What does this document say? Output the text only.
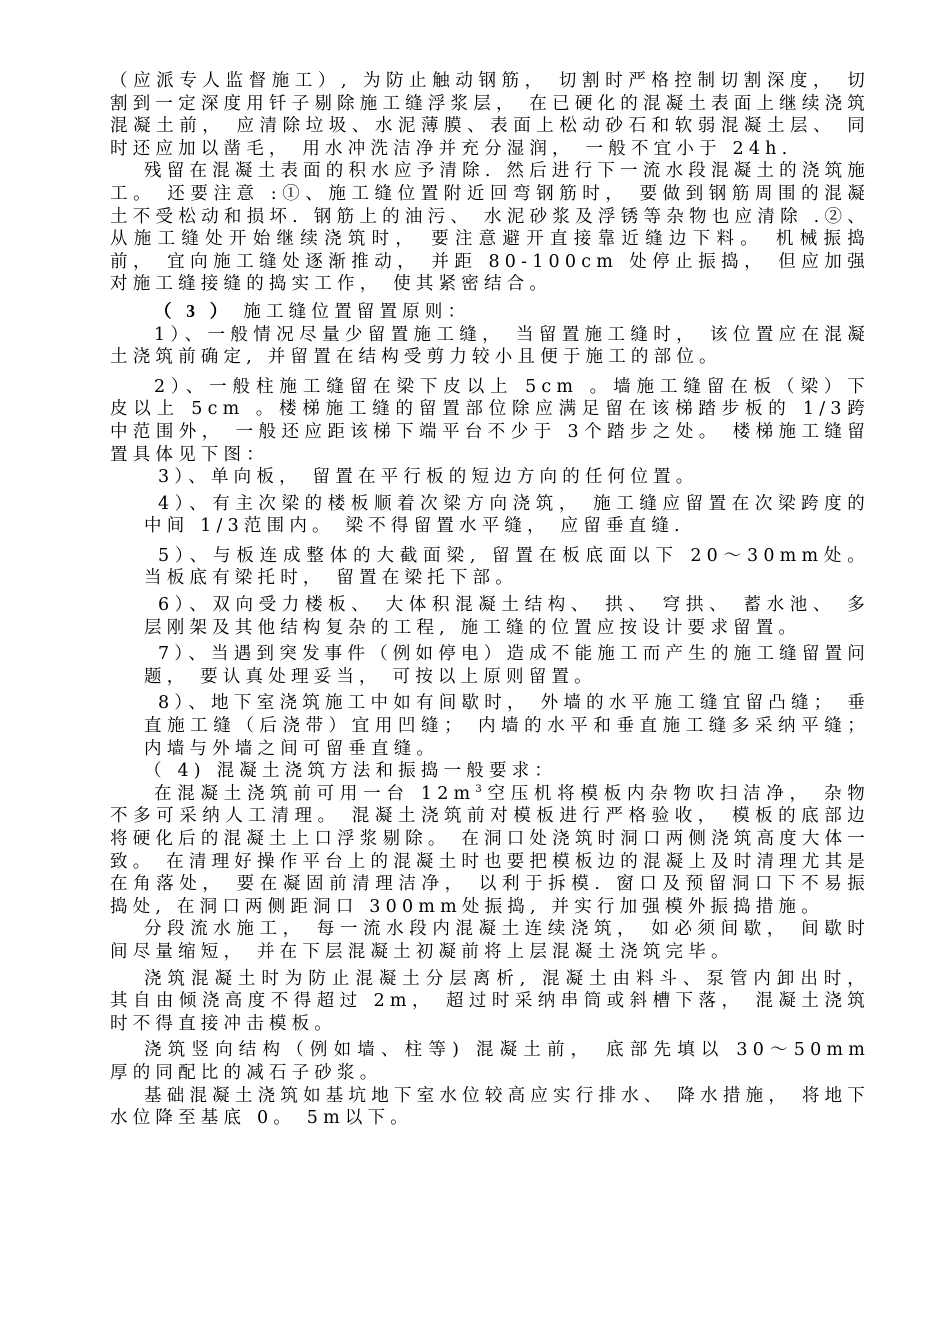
（应派专人监督施工）, 为防止触动钢筋， 切割时严格控制切割深度， 切割到一定深度用钎子剔除施工缝浮浆层， 在已硬化的混凝土表面上继续浇筑混凝土前， 应清除垃圾、水泥薄膜、表面上松动砂石和软弱混凝土层、 同时还应加以凿毛， 用水冲洗洁净并充分湿润， 一般不宜小于 24h.

残留在混凝土表面的积水应予清除. 然后进行下一流水段混凝土的浇筑施工。 还要注意 :①、施工缝位置附近回弯钢筋时， 要做到钢筋周围的混凝土不受松动和损坏. 钢筋上的油污、 水泥砂浆及浮锈等杂物也应清除 .②、从施工缝处开始继续浇筑时， 要注意避开直接靠近缝边下料。 机械振捣前， 宜向施工缝处逐渐推动， 并距 80-100cm 处停止振捣， 但应加强对施工缝接缝的捣实工作， 使其紧密结合。

（ 3 ） 施工缝位置留置原则：

1）、一般情况尽量少留置施工缝， 当留置施工缝时， 该位置应在混凝土浇筑前确定, 并留置在结构受剪力较小且便于施工的部位。

2）、一般柱施工缝留在梁下皮以上 5cm 。墙施工缝留在板（梁）下皮以上 5cm 。楼梯施工缝的留置部位除应满足留在该梯踏步板的 1/3跨中范围外， 一般还应距该梯下端平台不少于 3个踏步之处。 楼梯施工缝留置具体见下图：

3）、单向板， 留置在平行板的短边方向的任何位置。

4）、有主次梁的楼板顺着次梁方向浇筑， 施工缝应留置在次梁跨度的中间 1/3范围内。 梁不得留置水平缝， 应留垂直缝.

5）、与板连成整体的大截面梁, 留置在板底面以下 20～30mm处。当板底有梁托时， 留置在梁托下部。

6）、双向受力楼板、 大体积混凝土结构、 拱、 穹拱、 蓄水池、 多层刚架及其他结构复杂的工程, 施工缝的位置应按设计要求留置。

7）、当遇到突发事件（例如停电）造成不能施工而产生的施工缝留置问题， 要认真处理妥当， 可按以上原则留置。

8）、地下室浇筑施工中如有间歇时， 外墙的水平施工缝宜留凸缝； 垂直施工缝（后浇带）宜用凹缝； 内墙的水平和垂直施工缝多采纳平缝； 内墙与外墙之间可留垂直缝。

（ 4) 混凝土浇筑方法和振捣一般要求：

在混凝土浇筑前可用一台 $12m^3$空压机将模板内杂物吹扫洁净， 杂物不多可采纳人工清理。 混凝土浇筑前对模板进行严格验收， 模板的底部边将硬化后的混凝土上口浮浆剔除。 在洞口处浇筑时洞口两侧浇筑高度大体一致。 在清理好操作平台上的混凝土时也要把模板边的混凝上及时清理尤其是在角落处， 要在凝固前清理洁净， 以利于拆模. 窗口及预留洞口下不易振捣处, 在洞口两侧距洞口 300mm处振捣, 并实行加强模外振捣措施。

分段流水施工， 每一流水段内混凝土连续浇筑， 如必须间歇， 间歇时间尽量缩短， 并在下层混凝土初凝前将上层混凝土浇筑完毕。

浇筑混凝土时为防止混凝土分层离析, 混凝土由料斗、泵管内卸出时， 其自由倾浇高度不得超过 2m， 超过时采纳串筒或斜槽下落， 混凝土浇筑时不得直接冲击模板。

浇筑竖向结构（例如墙、柱等) 混凝土前， 底部先填以 30～50mm 厚的同配比的减石子砂浆。

基础混凝土浇筑如基坑地下室水位较高应实行排水、 降水措施， 将地下水位降至基底 0。 5m以下。
